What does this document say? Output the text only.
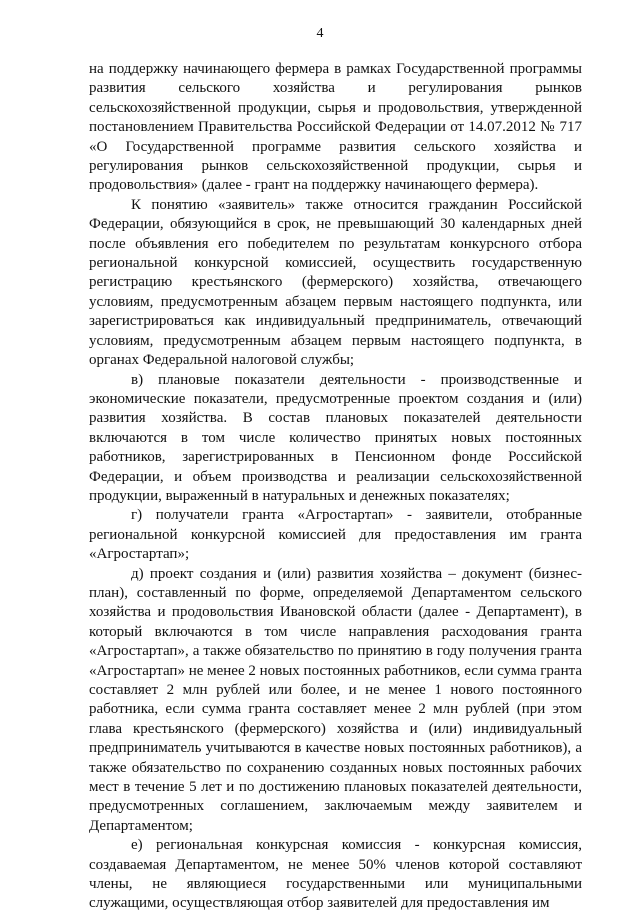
4

на поддержку начинающего фермера в рамках Государственной программы развития сельского хозяйства и регулирования рынков сельскохозяйственной продукции, сырья и продовольствия, утвержденной постановлением Правительства Российской Федерации от 14.07.2012 № 717 «О Государственной программе развития сельского хозяйства и регулирования рынков сельскохозяйственной продукции, сырья и продовольствия» (далее - грант на поддержку начинающего фермера).

К понятию «заявитель» также относится гражданин Российской Федерации, обязующийся в срок, не превышающий 30 календарных дней после объявления его победителем по результатам конкурсного отбора региональной конкурсной комиссией, осуществить государственную регистрацию крестьянского (фермерского) хозяйства, отвечающего условиям, предусмотренным абзацем первым настоящего подпункта, или зарегистрироваться как индивидуальный предприниматель, отвечающий условиям, предусмотренным абзацем первым настоящего подпункта, в органах Федеральной налоговой службы;

в) плановые показатели деятельности - производственные и экономические показатели, предусмотренные проектом создания и (или) развития хозяйства. В состав плановых показателей деятельности включаются в том числе количество принятых новых постоянных работников, зарегистрированных в Пенсионном фонде Российской Федерации, и объем производства и реализации сельскохозяйственной продукции, выраженный в натуральных и денежных показателях;

г) получатели гранта «Агростартап» - заявители, отобранные региональной конкурсной комиссией для предоставления им гранта «Агростартап»;

д) проект создания и (или) развития хозяйства – документ (бизнес-план), составленный по форме, определяемой Департаментом сельского хозяйства и продовольствия Ивановской области (далее - Департамент), в который включаются в том числе направления расходования гранта «Агростартап», а также обязательство по принятию в году получения гранта «Агростартап» не менее 2 новых постоянных работников, если сумма гранта составляет 2 млн рублей или более, и не менее 1 нового постоянного работника, если сумма гранта составляет менее 2 млн рублей (при этом глава крестьянского (фермерского) хозяйства и (или) индивидуальный предприниматель учитываются в качестве новых постоянных работников), а также обязательство по сохранению созданных новых постоянных рабочих мест в течение 5 лет и по достижению плановых показателей деятельности, предусмотренных соглашением, заключаемым между заявителем и Департаментом;

е) региональная конкурсная комиссия - конкурсная комиссия, создаваемая Департаментом, не менее 50% членов которой составляют члены, не являющиеся государственными или муниципальными служащими, осуществляющая отбор заявителей для предоставления им
